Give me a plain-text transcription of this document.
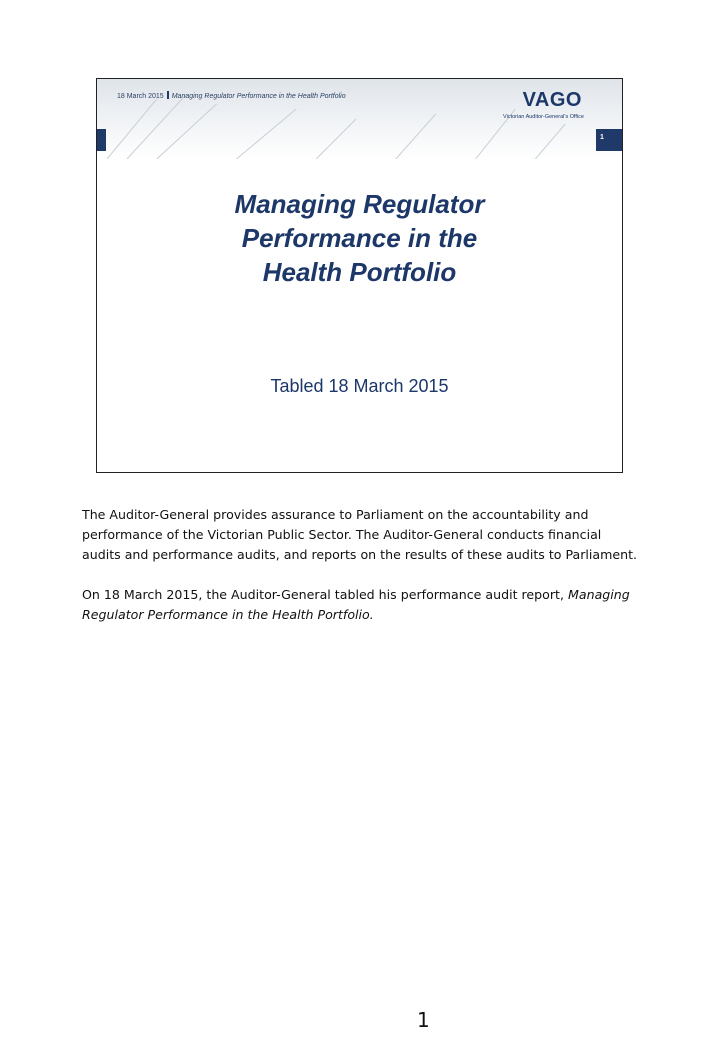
18 March 2015 Managing Regulator Performance in the Health Portfolio	VAGO
Victorian Auditor-General's Office
1
Managing Regulator
Performance in the
Health Portfolio
Tabled 18 March 2015

The Auditor-General provides assurance to Parliament on the accountability and performance of the Victorian Public Sector. The Auditor-General conducts financial audits and performance audits, and reports on the results of these audits to Parliament.

On 18 March 2015, the Auditor-General tabled his performance audit report, Managing Regulator Performance in the Health Portfolio.

1
